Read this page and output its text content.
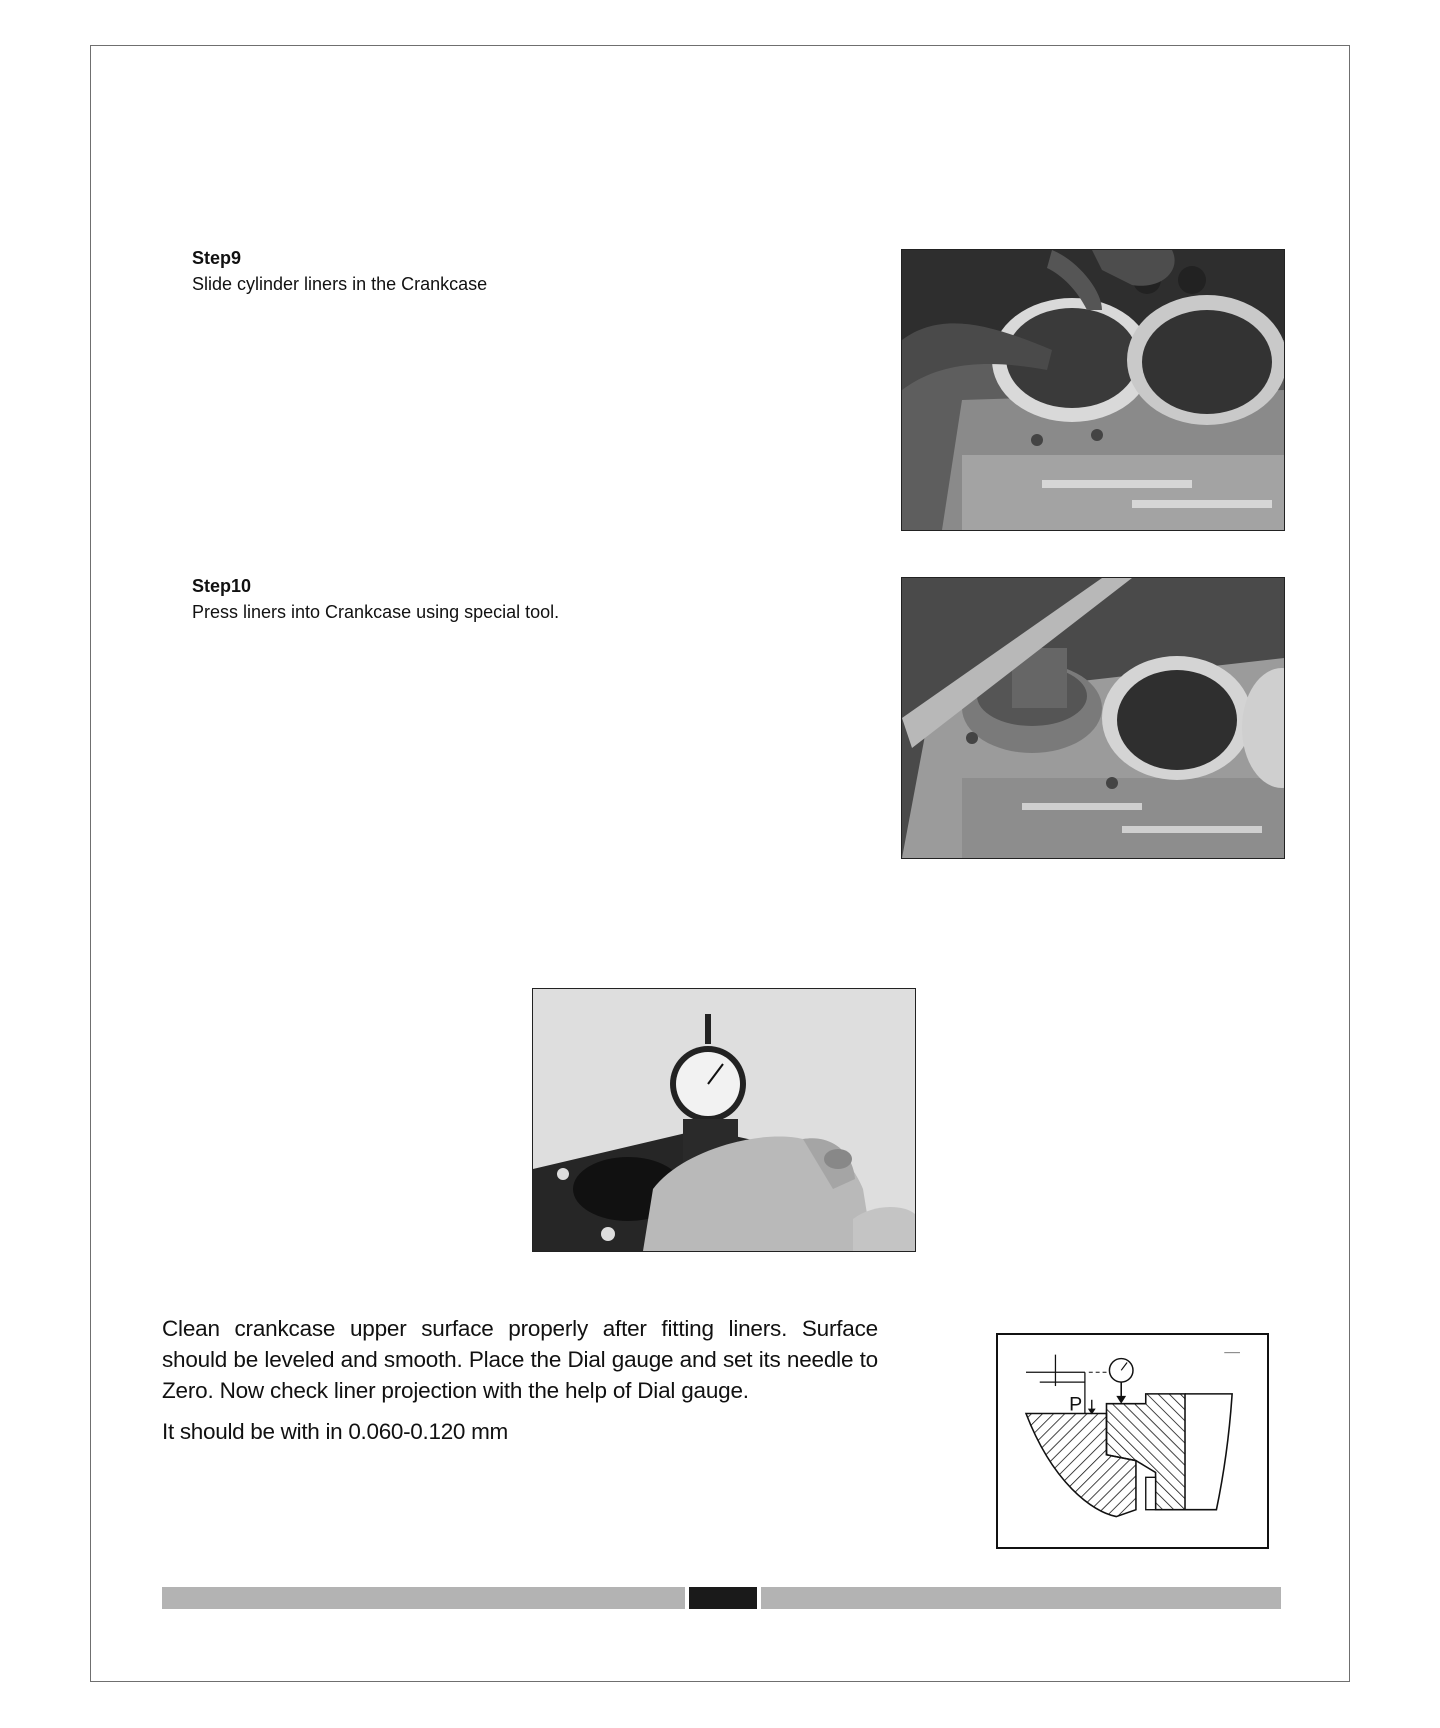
Step9
Slide cylinder liners in the Crankcase
Step10
Press liners into Crankcase using special tool.
Clean crankcase upper surface properly after fitting liners. Surface should be leveled and smooth. Place the Dial gauge and set its needle to Zero. Now check liner projection with the help of Dial gauge.
It should be with in 0.060-0.120 mm
P
